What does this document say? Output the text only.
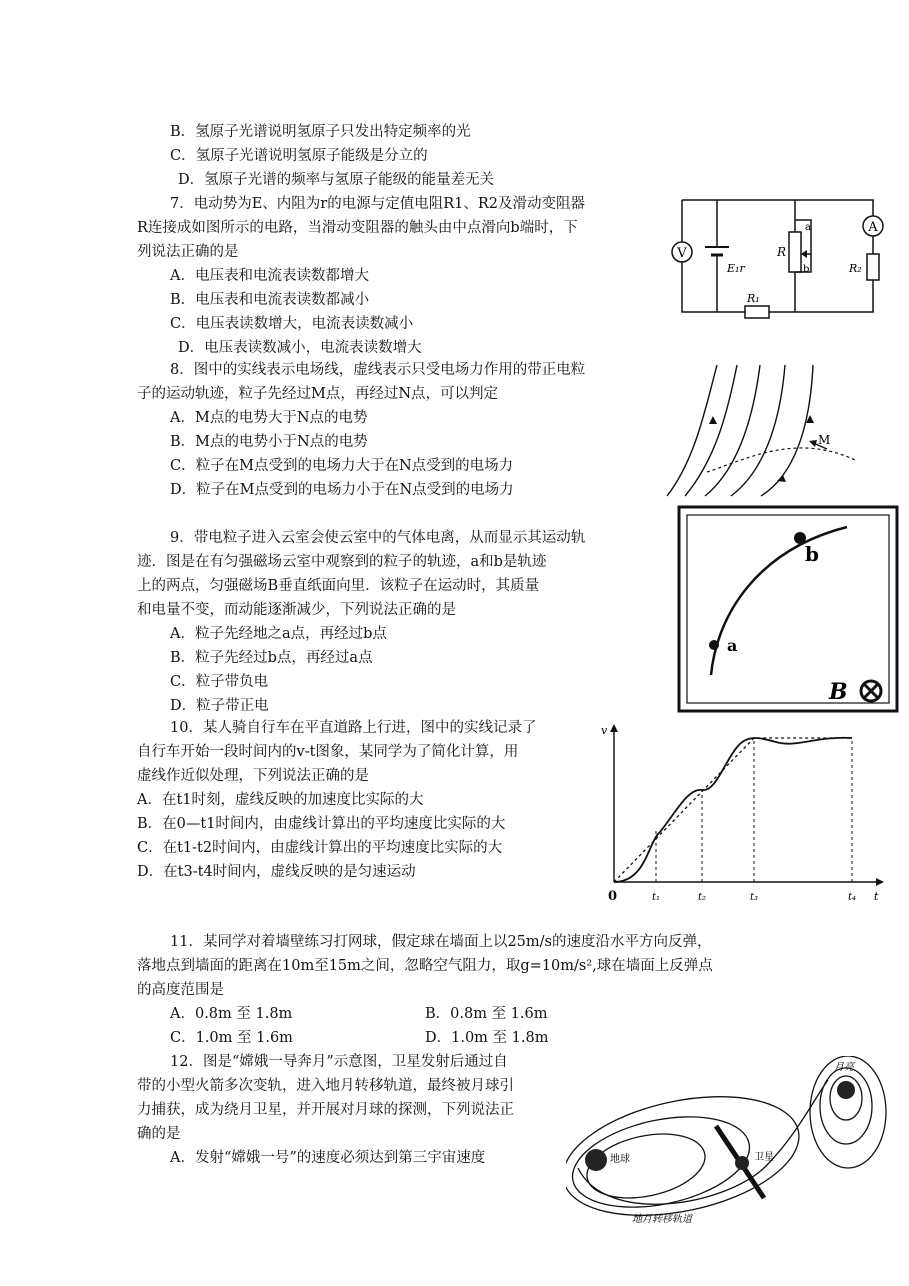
B．氢原子光谱说明氢原子只发出特定频率的光
C．氢原子光谱说明氢原子能级是分立的
D．氢原子光谱的频率与氢原子能级的能量差无关
7．电动势为E、内阻为r的电源与定值电阻R1、R2及滑动变阻器
R连接成如图所示的电路，当滑动变阻器的触头由中点滑向b端时，下
列说法正确的是
A．电压表和电流表读数都增大
B．电压表和电流表读数都减小
C．电压表读数增大，电流表读数减小
D．电压表读数减小，电流表读数增大
V
A
E₁r
R
a
b
R₁
R₂
8．图中的实线表示电场线，虚线表示只受电场力作用的带正电粒
子的运动轨迹，粒子先经过M点，再经过N点，可以判定
A．M点的电势大于N点的电势
B．M点的电势小于N点的电势
C．粒子在M点受到的电场力大于在N点受到的电场力
D．粒子在M点受到的电场力小于在N点受到的电场力
M
9．带电粒子进入云室会使云室中的气体电离，从而显示其运动轨
迹．图是在有匀强磁场云室中观察到的粒子的轨迹，a和b是轨迹
上的两点，匀强磁场B垂直纸面向里．该粒子在运动时，其质量
和电量不变，而动能逐渐减少，下列说法正确的是
A．粒子先经地之a点，再经过b点
B．粒子先经过b点，再经过a点
C．粒子带负电
D．粒子带正电
a
b
B
10．某人骑自行车在平直道路上行进，图中的实线记录了
自行车开始一段时间内的v-t图象，某同学为了简化计算，用
虚线作近似处理，下列说法正确的是
A．在t1时刻，虚线反映的加速度比实际的大
B．在0—t1时间内，由虚线计算出的平均速度比实际的大
C．在t1-t2时间内，由虚线计算出的平均速度比实际的大
D．在t3-t4时间内，虚线反映的是匀速运动
v
0	t₁	t₂	t₃	t₄ t
11．某同学对着墙壁练习打网球，假定球在墙面上以25m/s的速度沿水平方向反弹，
落地点到墙面的距离在10m至15m之间，忽略空气阻力，取g=10m/s²,球在墙面上反弹点
的高度范围是
A．0.8m 至 1.8m	B．0.8m 至 1.6m
C．1.0m 至 1.6m	D．1.0m 至 1.8m
12．图是“嫦娥一导奔月”示意图，卫星发射后通过自
带的小型火箭多次变轨，进入地月转移轨道，最终被月球引
力捕获，成为绕月卫星，并开展对月球的探测，下列说法正
确的是
A．发射“嫦娥一号”的速度必须达到第三宇宙速度	地球
月亮
卫星
地月转移轨道
